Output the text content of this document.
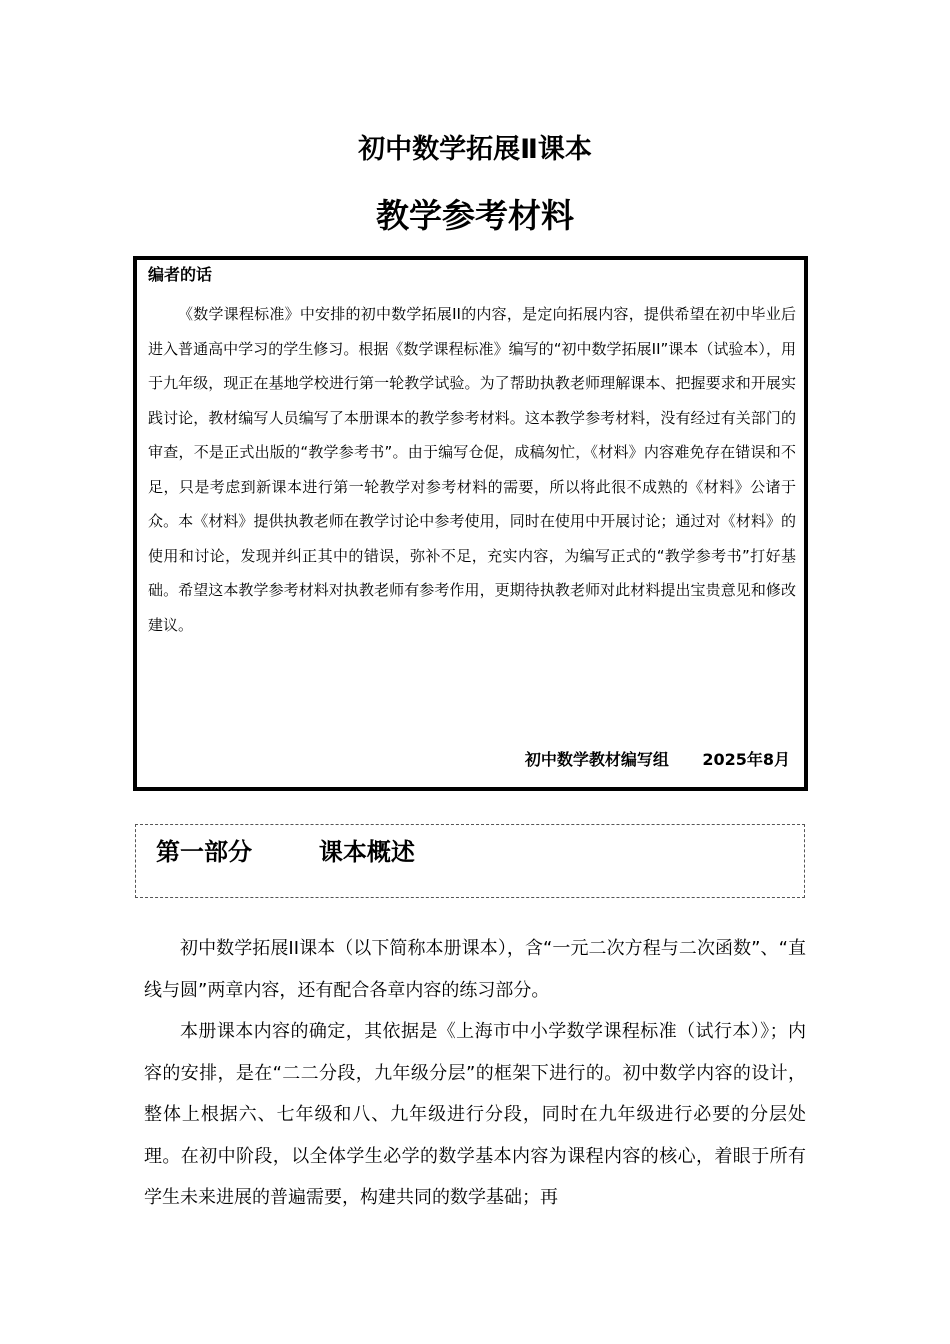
初中数学拓展Ⅱ课本
教学参考材料
编者的话

《数学课程标准》中安排的初中数学拓展II的内容，是定向拓展内容，提供希望在初中毕业后进入普通高中学习的学生修习。根据《数学课程标准》编写的“初中数学拓展II”课本（试验本），用于九年级，现正在基地学校进行第一轮教学试验。为了帮助执教老师理解课本、把握要求和开展实践讨论，教材编写人员编写了本册课本的教学参考材料。这本教学参考材料，没有经过有关部门的审查，不是正式出版的“教学参考书”。由于编写仓促，成稿匆忙，《材料》内容难免存在错误和不足，只是考虑到新课本进行第一轮教学对参考材料的需要，所以将此很不成熟的《材料》公诸于众。本《材料》提供执教老师在教学讨论中参考使用，同时在使用中开展讨论；通过对《材料》的使用和讨论，发现并纠正其中的错误，弥补不足，充实内容，为编写正式的“教学参考书”打好基础。希望这本教学参考材料对执教老师有参考作用，更期待执教老师对此材料提出宝贵意见和修改建议。

初中数学教材编写组      2025年8月
第一部分        课本概述

初中数学拓展II课本（以下简称本册课本），含“一元二次方程与二次函数”、“直线与圆”两章内容，还有配合各章内容的练习部分。

本册课本内容的确定，其依据是《上海市中小学数学课程标准（试行本）》；内容的安排，是在“二二分段，九年级分层”的框架下进行的。初中数学内容的设计，整体上根据六、七年级和八、九年级进行分段，同时在九年级进行必要的分层处理。在初中阶段，以全体学生必学的数学基本内容为课程内容的核心，着眼于所有学生未来进展的普遍需要，构建共同的数学基础；再
